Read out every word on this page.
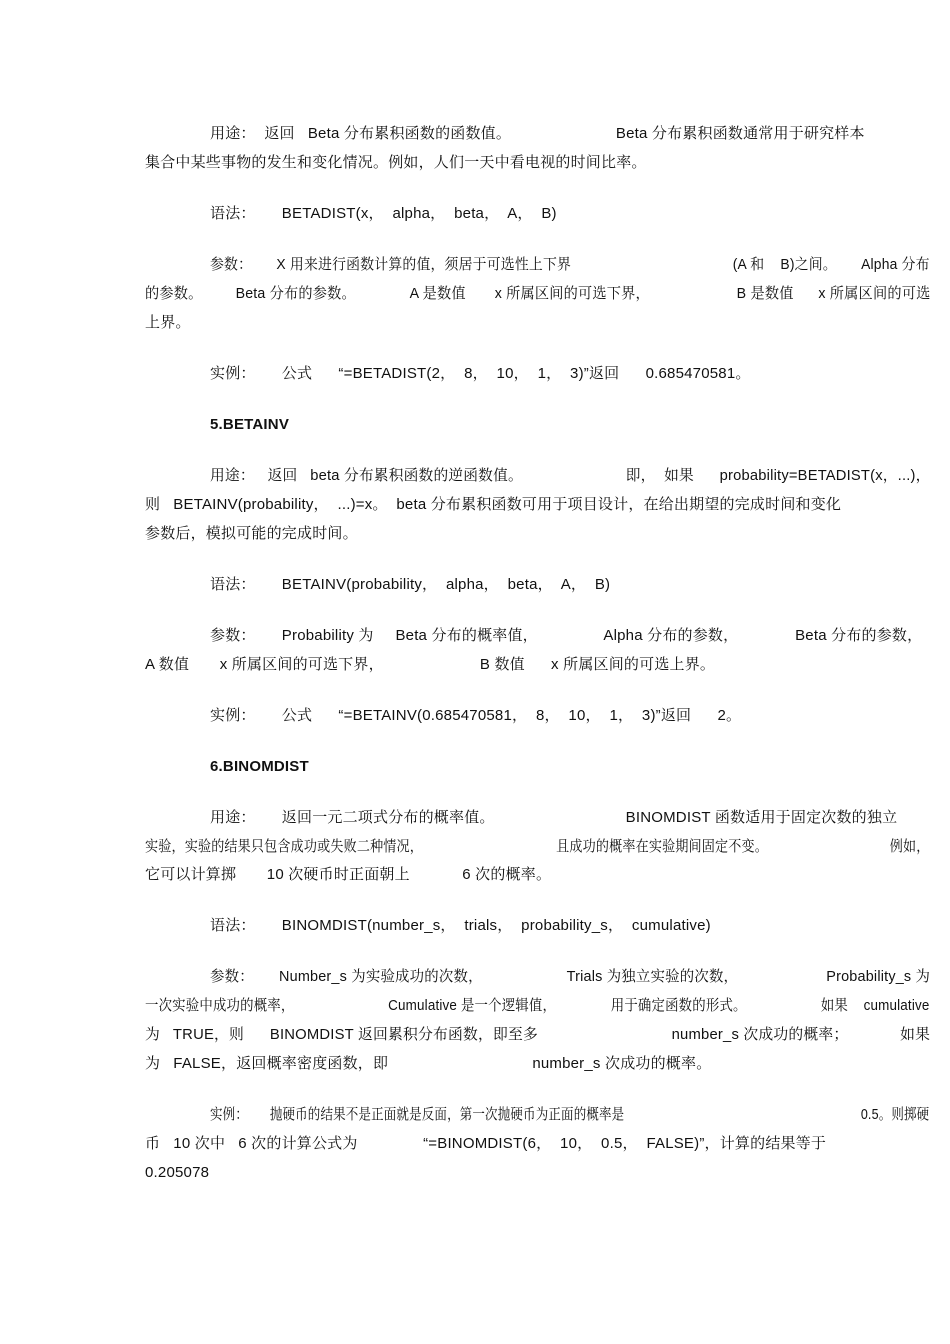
用途：  返回   Beta 分布累积函数的函数值。                        Beta 分布累积函数通常用于研究样本
集合中某些事物的发生和变化情况。例如，人们一天中看电视的时间比率。
语法：      BETADIST(x，  alpha，  beta，  A，  B)
参数：      X 用来进行函数计算的值，须居于可选性上下界                                        (A 和    B)之间。      Alpha 分布
的参数。        Beta 分布的参数。             A 是数值       x 所属区间的可选下界，                     B 是数值      x 所属区间的可选
上界。
实例：      公式      “=BETADIST(2，  8，  10，  1，  3)”返回      0.685470581。
5.BETAINV
用途：   返回   beta 分布累积函数的逆函数值。                        即，  如果      probability=BETADIST(x，...)，
则   BETAINV(probability，  ...)=x。  beta 分布累积函数可用于项目设计，在给出期望的完成时间和变化
参数后，模拟可能的完成时间。
语法：      BETAINV(probability，  alpha，  beta，  A，  B)
参数：      Probability 为     Beta 分布的概率值，               Alpha 分布的参数，             Beta 分布的参数，
A 数值       x 所属区间的可选下界，                      B 数值      x 所属区间的可选上界。
实例：      公式      “=BETAINV(0.685470581，  8，  10，  1，  3)”返回      2。
6.BINOMDIST
用途：      返回一元二项式分布的概率值。                              BINOMDIST 函数适用于固定次数的独立
实验，实验的结果只包含成功或失败二种情况，                                   且成功的概率在实验期间固定不变。                                例如，
它可以计算掷       10 次硬币时正面朝上            6 次的概率。
语法：      BINOMDIST(number_s，  trials，  probability_s，  cumulative)
参数：      Number_s 为实验成功的次数，                    Trials 为独立实验的次数，                     Probability_s 为
一次实验中成功的概率，                        Cumulative 是一个逻辑值，              用于确定函数的形式。                   如果    cumulative
为   TRUE，则      BINOMDIST 返回累积分布函数，即至多                               number_s 次成功的概率；            如果
为   FALSE，返回概率密度函数，即                                 number_s 次成功的概率。
实例：      抛硬币的结果不是正面就是反面，第一次抛硬币为正面的概率是                                                                 0.5。则掷硬
币   10 次中   6 次的计算公式为               “=BINOMDIST(6，  10，  0.5，  FALSE)”，计算的结果等于
0.205078
